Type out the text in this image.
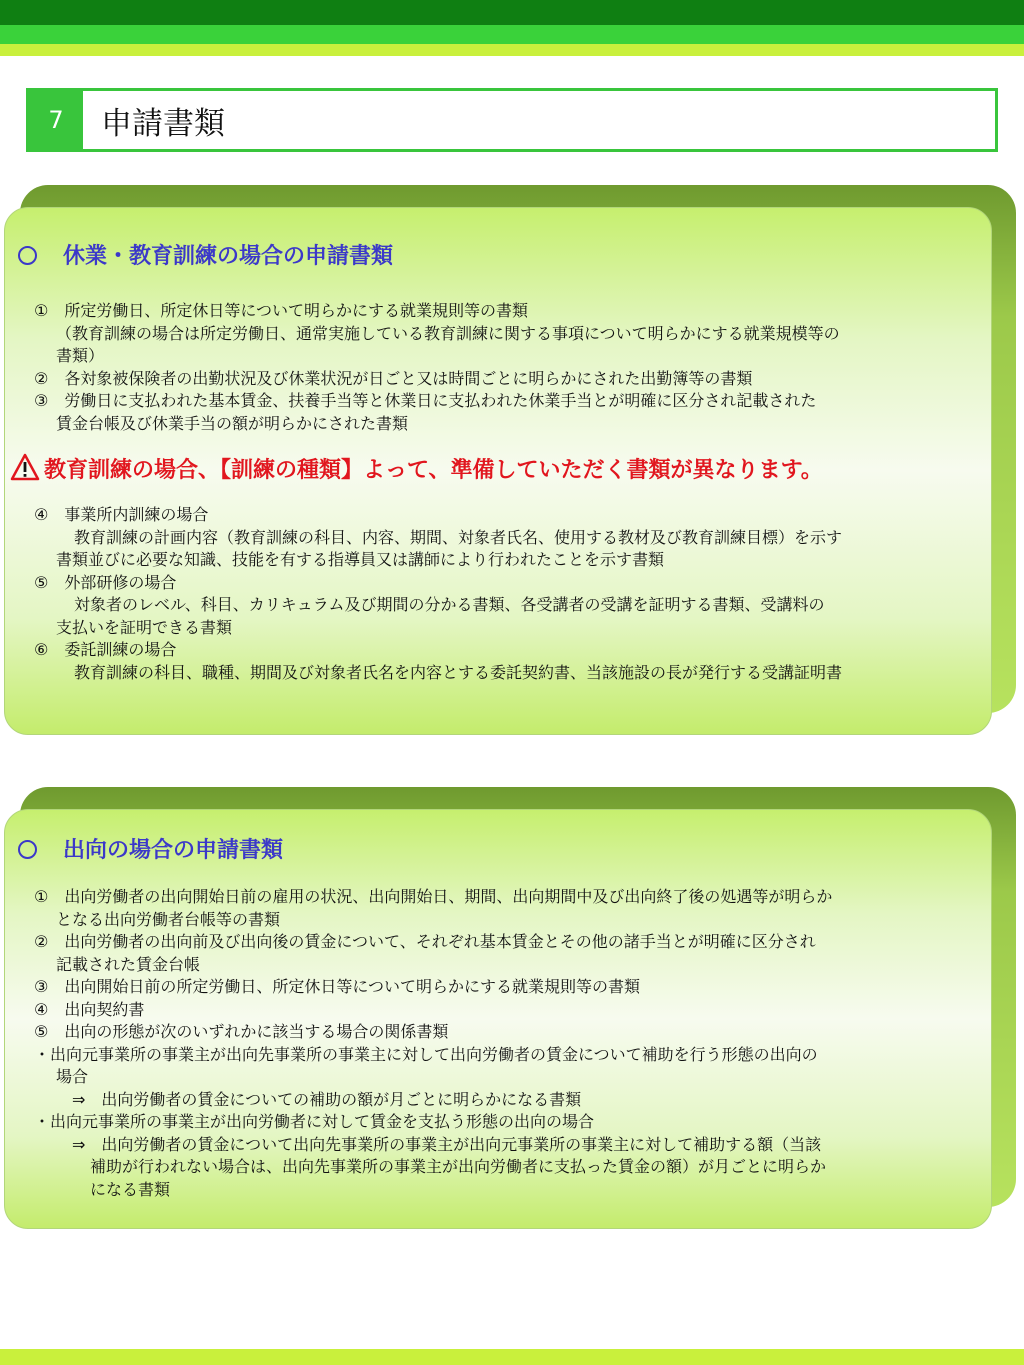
7	申請書類
休業・教育訓練の場合の申請書類
①　所定労働日、所定休日等について明らかにする就業規則等の書類
（教育訓練の場合は所定労働日、通常実施している教育訓練に関する事項について明らかにする就業規模等の
書類）
②　各対象被保険者の出勤状況及び休業状況が日ごと又は時間ごとに明らかにされた出勤簿等の書類
③　労働日に支払われた基本賃金、扶養手当等と休業日に支払われた休業手当とが明確に区分され記載された
賃金台帳及び休業手当の額が明らかにされた書類
教育訓練の場合、【訓練の種類】よって、準備していただく書類が異なります。
④　事業所内訓練の場合
教育訓練の計画内容（教育訓練の科目、内容、期間、対象者氏名、使用する教材及び教育訓練目標）を示す
書類並びに必要な知識、技能を有する指導員又は講師により行われたことを示す書類
⑤　外部研修の場合
対象者のレベル、科目、カリキュラム及び期間の分かる書類、各受講者の受講を証明する書類、受講料の
支払いを証明できる書類
⑥　委託訓練の場合
教育訓練の科目、職種、期間及び対象者氏名を内容とする委託契約書、当該施設の長が発行する受講証明書
出向の場合の申請書類
①　出向労働者の出向開始日前の雇用の状況、出向開始日、期間、出向期間中及び出向終了後の処遇等が明らか
となる出向労働者台帳等の書類
②　出向労働者の出向前及び出向後の賃金について、それぞれ基本賃金とその他の諸手当とが明確に区分され
記載された賃金台帳
③　出向開始日前の所定労働日、所定休日等について明らかにする就業規則等の書類
④　出向契約書
⑤　出向の形態が次のいずれかに該当する場合の関係書類
・出向元事業所の事業主が出向先事業所の事業主に対して出向労働者の賃金について補助を行う形態の出向の
場合
⇒　出向労働者の賃金についての補助の額が月ごとに明らかになる書類
・出向元事業所の事業主が出向労働者に対して賃金を支払う形態の出向の場合
⇒　出向労働者の賃金について出向先事業所の事業主が出向元事業所の事業主に対して補助する額（当該
補助が行われない場合は、出向先事業所の事業主が出向労働者に支払った賃金の額）が月ごとに明らか
になる書類
